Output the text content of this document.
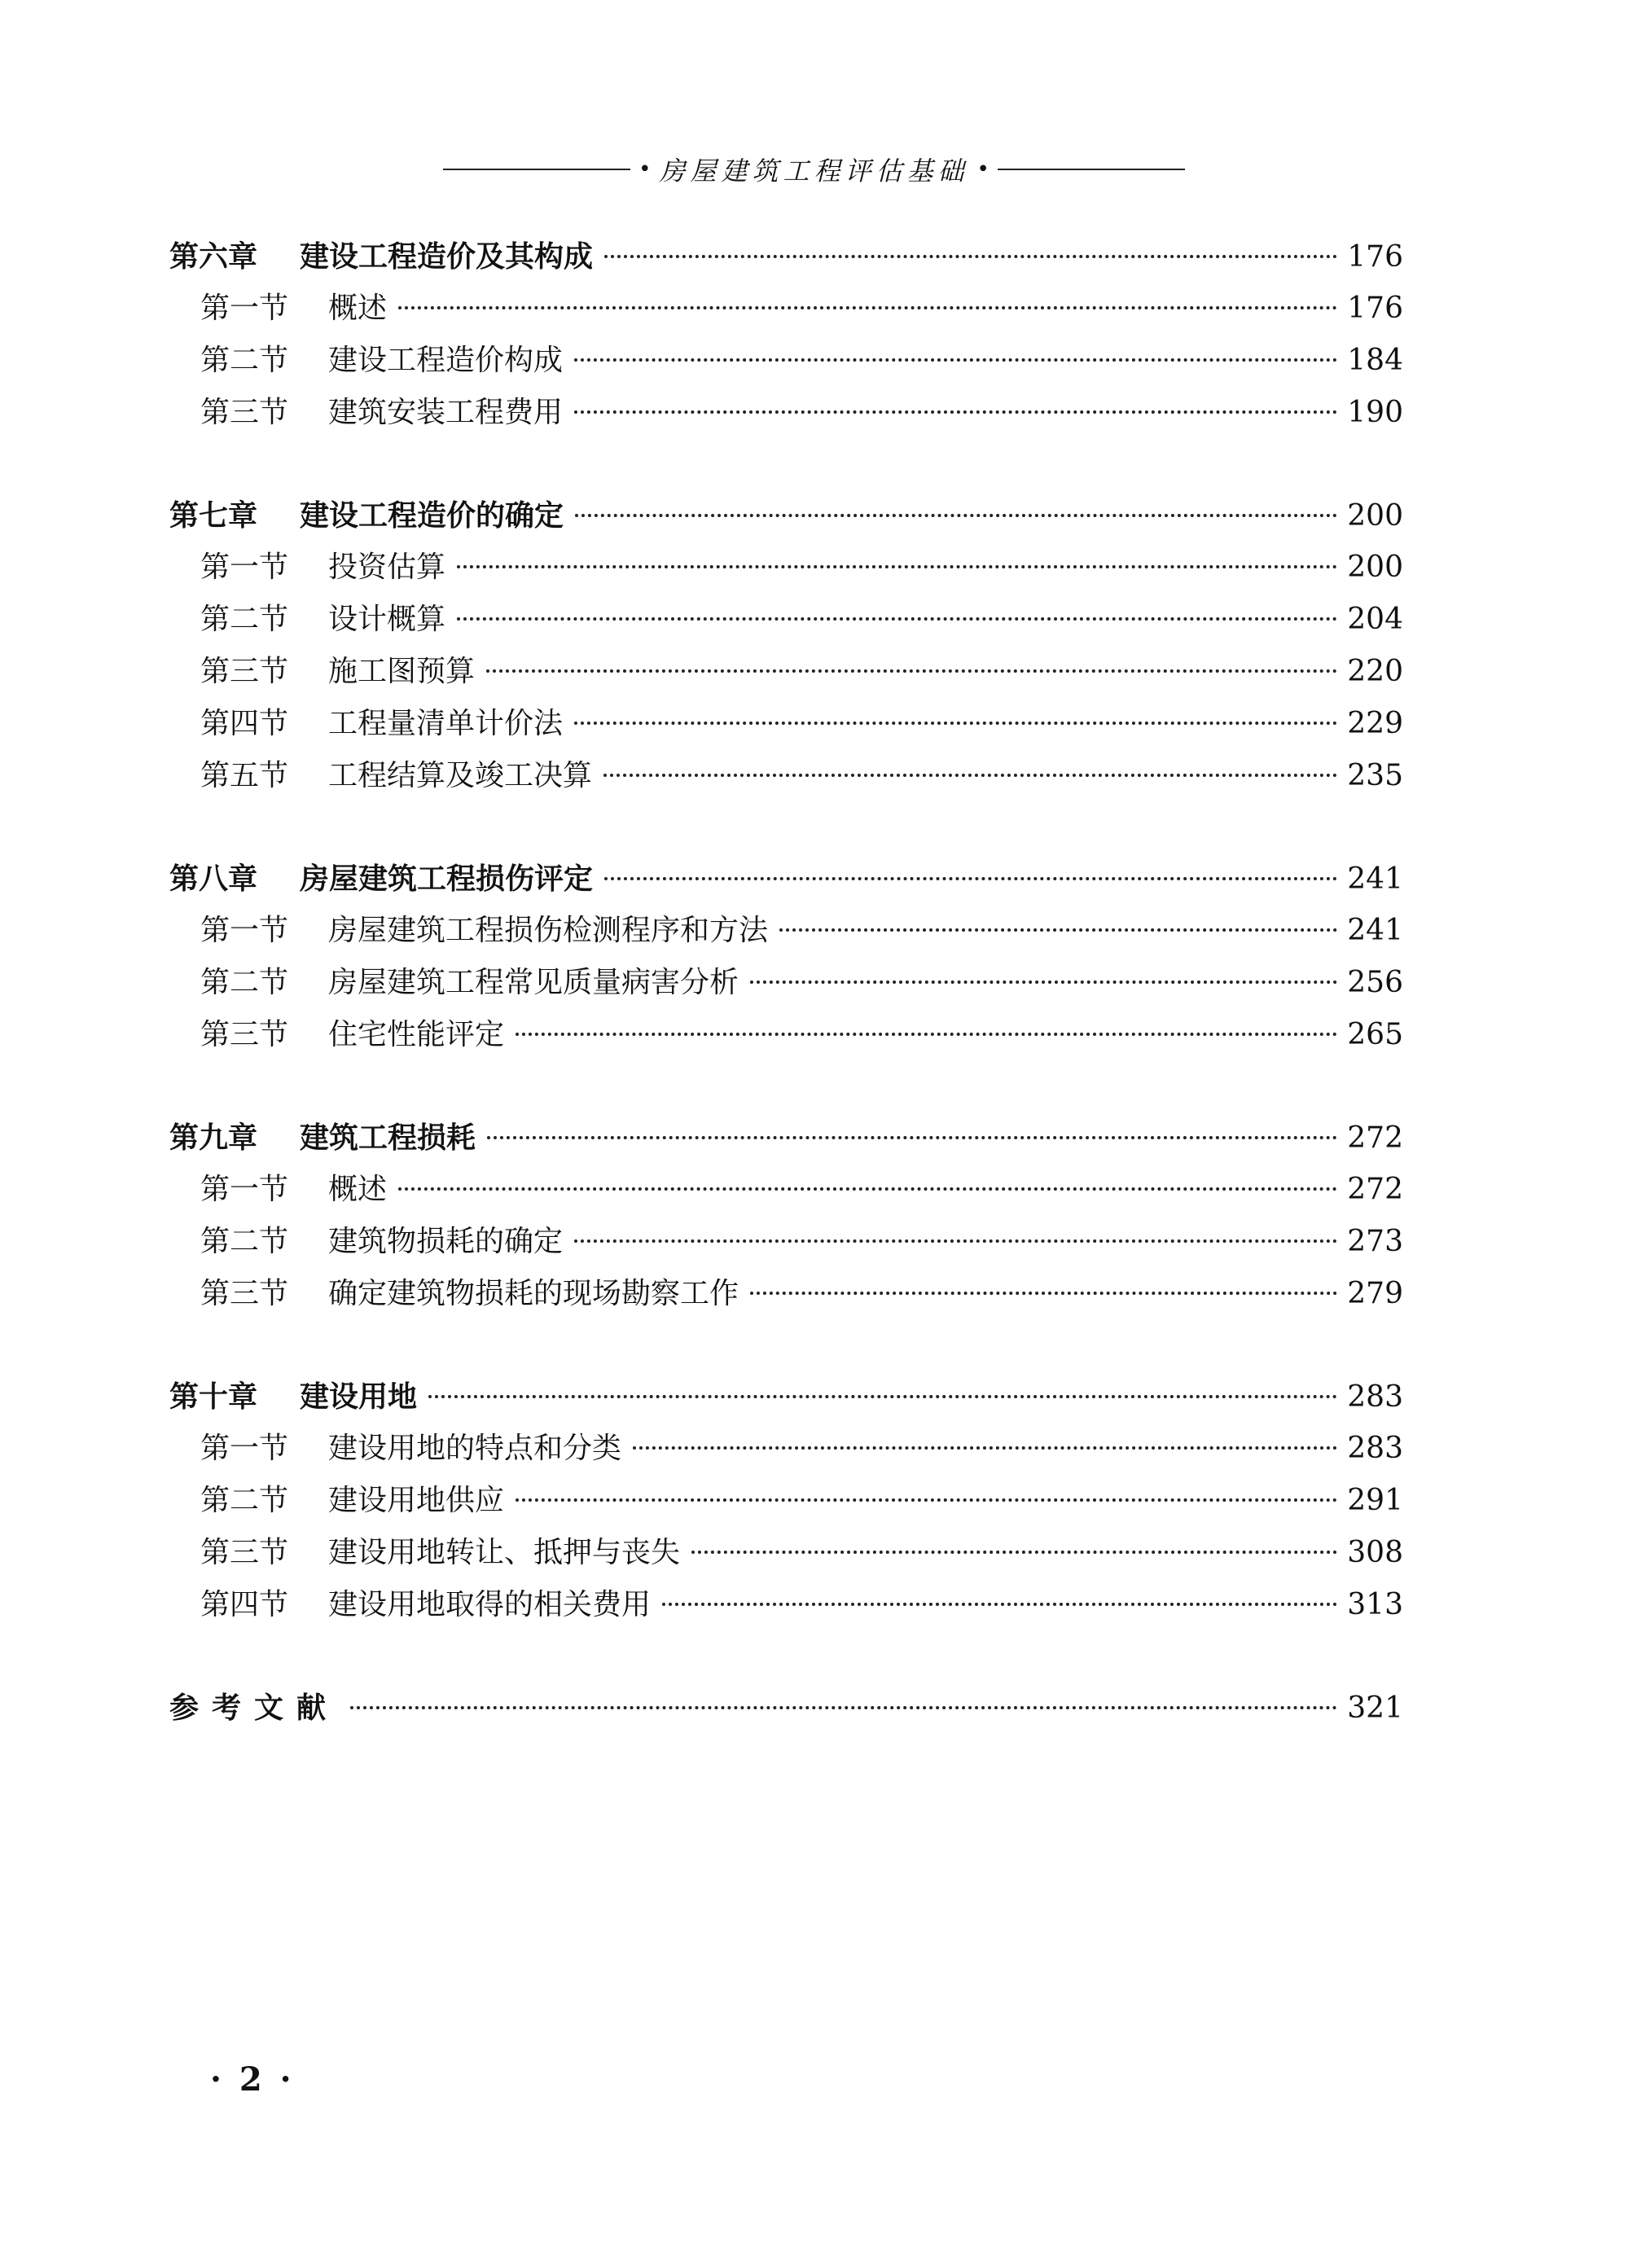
• 房屋建筑工程评估基础 •
第六章	建设工程造价及其构成	176
第一节	概述	176
第二节	建设工程造价构成	184
第三节	建筑安装工程费用	190
第七章	建设工程造价的确定	200
第一节	投资估算	200
第二节	设计概算	204
第三节	施工图预算	220
第四节	工程量清单计价法	229
第五节	工程结算及竣工决算	235
第八章	房屋建筑工程损伤评定	241
第一节	房屋建筑工程损伤检测程序和方法	241
第二节	房屋建筑工程常见质量病害分析	256
第三节	住宅性能评定	265
第九章	建筑工程损耗	272
第一节	概述	272
第二节	建筑物损耗的确定	273
第三节	确定建筑物损耗的现场勘察工作	279
第十章	建设用地	283
第一节	建设用地的特点和分类	283
第二节	建设用地供应	291
第三节	建设用地转让、抵押与丧失	308
第四节	建设用地取得的相关费用	313
参考文献	321
· 2 ·
